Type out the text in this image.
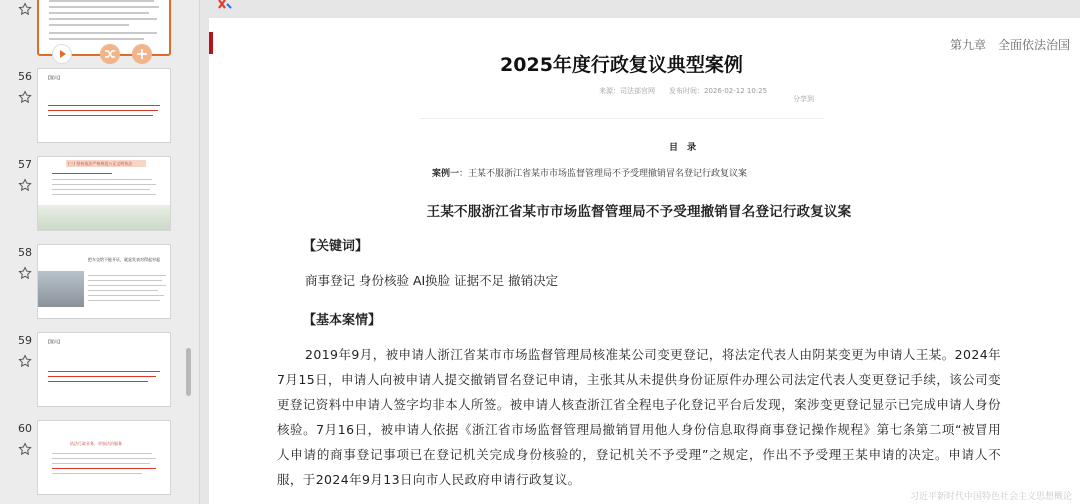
56	【疑问】
57	(三) 坚持依法严格规范公正文明执法
58
把车交给不能开证，就是发表对得起对起
59	【疑问】
60
依法行政业务，更加法治服务
第九章　全面依法治国
2025年度行政复议典型案例
来源：司法部官网　　发布时间：2026-02-12 10:25
分享到
目　录
案例一：王某不服浙江省某市市场监督管理局不予受理撤销冒名登记行政复议案
王某不服浙江省某市市场监督管理局不予受理撤销冒名登记行政复议案
【关键词】
商事登记 身份核验 AI换脸 证据不足 撤销决定
【基本案情】
2019年9月，被申请人浙江省某市市场监督管理局核准某公司变更登记，将法定代表人由阴某变更为申请人王某。2024年7月15日，申请人向被申请人提交撤销冒名登记申请，主张其从未提供身份证原件办理公司法定代表人变更登记手续，该公司变更登记资料中申请人签字均非本人所签。被申请人核查浙江省全程电子化登记平台后发现，案涉变更登记显示已完成申请人身份核验。7月16日，被申请人依据《浙江省市场监督管理局撤销冒用他人身份信息取得商事登记操作规程》第七条第二项“被冒用人申请的商事登记事项已在登记机关完成身份核验的，登记机关不予受理”之规定，作出不予受理王某申请的决定。申请人不服，于2024年9月13日向市人民政府申请行政复议。
习近平新时代中国特色社会主义思想概论
